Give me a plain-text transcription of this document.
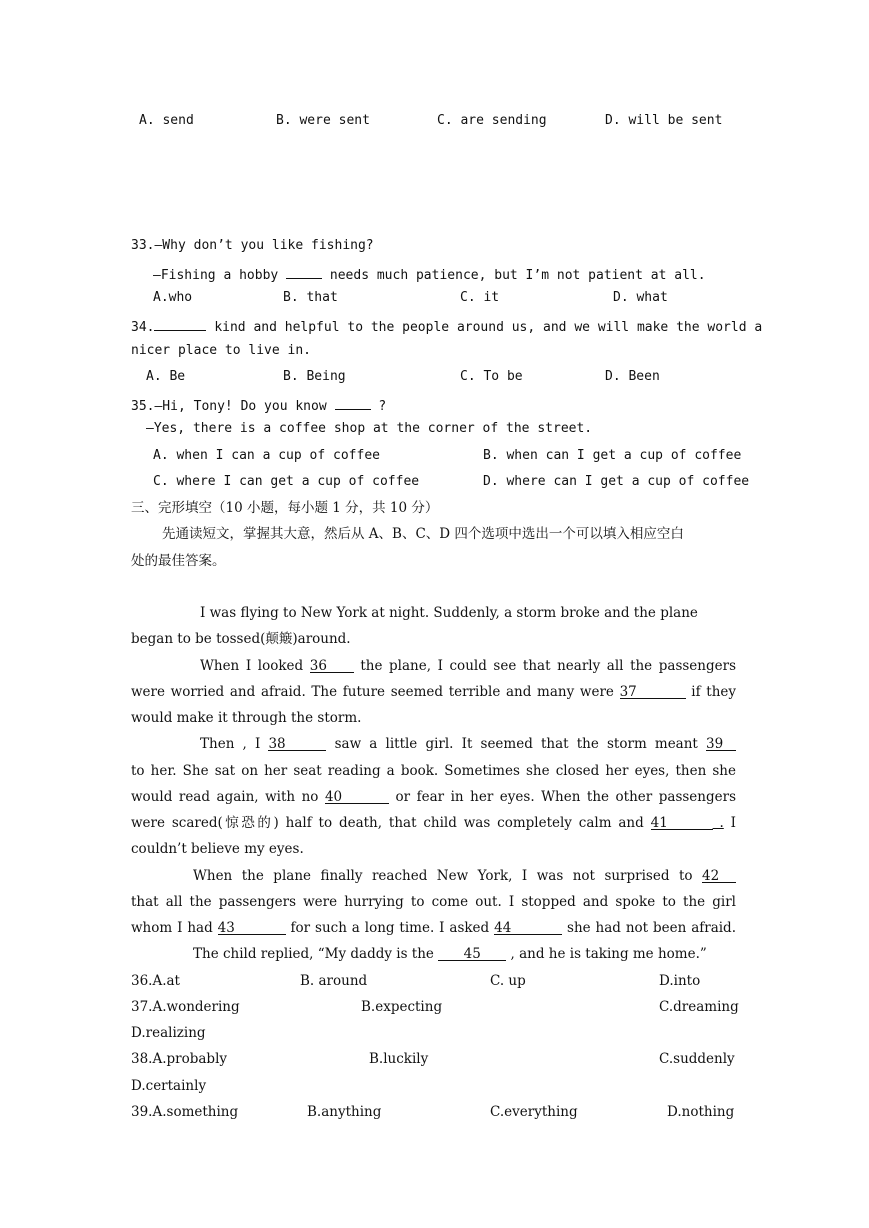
A. send	B. were sent	C. are sending	D. will be sent
33.—Why don’t you like fishing?
—Fishing a hobby	needs much patience, but I’m not patient at all.
A.who	B. that	C. it	D. what
34.	kind and helpful to the people around us, and we will make the world a
nicer place to live in.
A. Be	B. Being	C. To be	D. Been
35.—Hi, Tony! Do you know	?
—Yes, there is a coffee shop at the corner of the street.
A. when I can a cup of coffee	B. when can I get a cup of coffee
C. where I can get a cup of coffee	D. where can I get a cup of coffee
三、完形填空（10 小题，每小题 1 分，共 10 分）
先通读短文，掌握其大意，然后从 A、B、C、D 四个选项中选出一个可以填入相应空白
处的最佳答案。
I was flying to New York at night. Suddenly, a storm broke and the plane
began to be tossed(颠簸)around.
When I looked 36 the plane, I could see that nearly all the passengers
were worried and afraid. The future seemed terrible and many were 37	if they
would make it through the storm.
Then , I 38	saw a little girl. It seemed that the storm meant 39
to her. She sat on her seat reading a book. Sometimes she closed her eyes, then she
would read again, with no 40	or fear in her eyes. When the other passengers
were scared(惊恐的) half to death, that child was completely calm and 41	. I
couldn’t believe my eyes.
When the plane finally reached New York, I was not surprised to 42
that all the passengers were hurrying to come out. I stopped and spoke to the girl
whom I had 43	for such a long time. I asked 44	she had not been afraid.
The child replied, “My daddy is the 45 , and he is taking me home.”
36.A.at	B. around	C. up	D.into
37.A.wondering	B.expecting	C.dreaming
D.realizing
38.A.probably	B.luckily	C.suddenly
D.certainly
39.A.something	B.anything	C.everything	D.nothing
